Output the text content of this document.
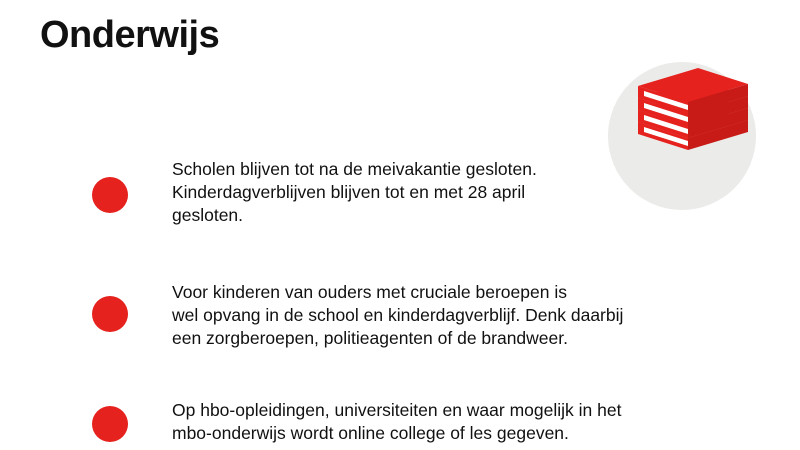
Onderwijs

Scholen blijven tot na de meivakantie gesloten.
Kinderdagverblijven blijven tot en met 28 april
gesloten.

Voor kinderen van ouders met cruciale beroepen is
wel opvang in de school en kinderdagverblijf. Denk daarbij
een zorgberoepen, politieagenten of de brandweer.

Op hbo-opleidingen, universiteiten en waar mogelijk in het
mbo-onderwijs wordt online college of les gegeven.
